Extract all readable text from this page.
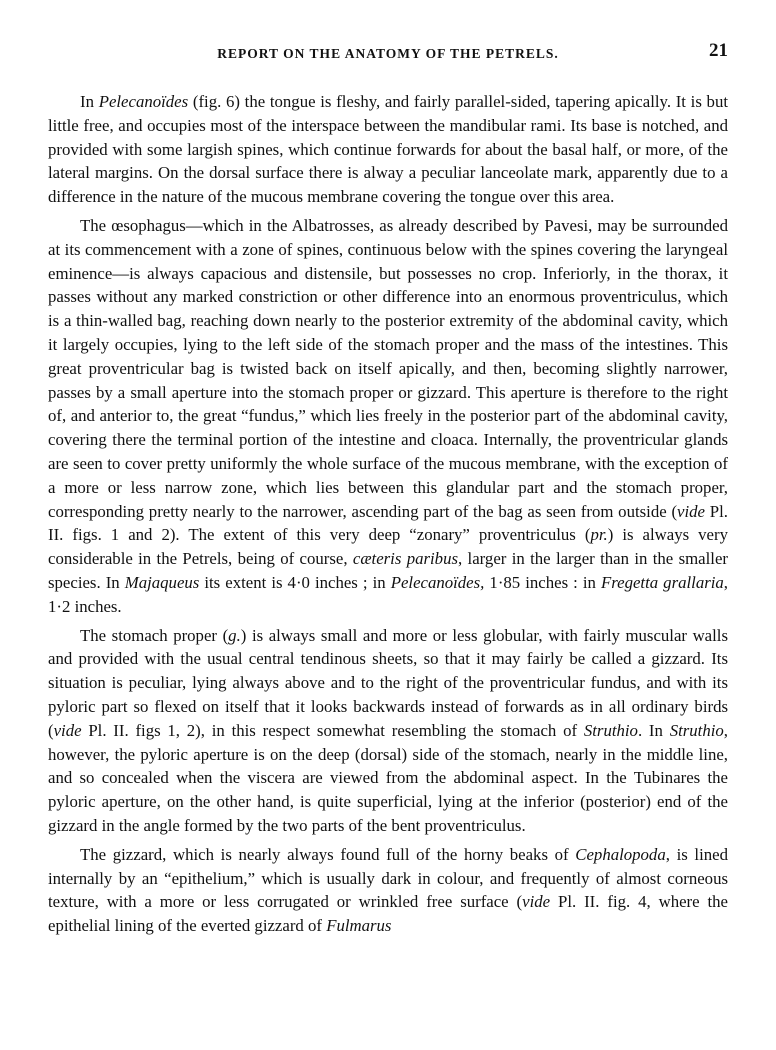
REPORT ON THE ANATOMY OF THE PETRELS.	21

In Pelecanoïdes (fig. 6) the tongue is fleshy, and fairly parallel-sided, tapering apically. It is but little free, and occupies most of the interspace between the mandibular rami. Its base is notched, and provided with some largish spines, which continue forwards for about the basal half, or more, of the lateral margins. On the dorsal surface there is alway a peculiar lanceolate mark, apparently due to a difference in the nature of the mucous membrane covering the tongue over this area.

The œsophagus—which in the Albatrosses, as already described by Pavesi, may be surrounded at its commencement with a zone of spines, continuous below with the spines covering the laryngeal eminence—is always capacious and distensile, but possesses no crop. Inferiorly, in the thorax, it passes without any marked constriction or other difference into an enormous proventriculus, which is a thin-walled bag, reaching down nearly to the posterior extremity of the abdominal cavity, which it largely occupies, lying to the left side of the stomach proper and the mass of the intestines. This great proventricular bag is twisted back on itself apically, and then, becoming slightly narrower, passes by a small aperture into the stomach proper or gizzard. This aperture is therefore to the right of, and anterior to, the great “fundus,” which lies freely in the posterior part of the abdominal cavity, covering there the terminal portion of the intestine and cloaca. Internally, the proventricular glands are seen to cover pretty uniformly the whole surface of the mucous membrane, with the exception of a more or less narrow zone, which lies between this glandular part and the stomach proper, corresponding pretty nearly to the narrower, ascending part of the bag as seen from outside (vide Pl. II. figs. 1 and 2). The extent of this very deep “zonary” proventriculus (pr.) is always very considerable in the Petrels, being of course, cæteris paribus, larger in the larger than in the smaller species. In Majaqueus its extent is 4·0 inches ; in Pelecanoïdes, 1·85 inches : in Fregetta grallaria, 1·2 inches.

The stomach proper (g.) is always small and more or less globular, with fairly muscular walls and provided with the usual central tendinous sheets, so that it may fairly be called a gizzard. Its situation is peculiar, lying always above and to the right of the proventricular fundus, and with its pyloric part so flexed on itself that it looks backwards instead of forwards as in all ordinary birds (vide Pl. II. figs 1, 2), in this respect somewhat resembling the stomach of Struthio. In Struthio, however, the pyloric aperture is on the deep (dorsal) side of the stomach, nearly in the middle line, and so concealed when the viscera are viewed from the abdominal aspect. In the Tubinares the pyloric aperture, on the other hand, is quite superficial, lying at the inferior (posterior) end of the gizzard in the angle formed by the two parts of the bent proventriculus.

The gizzard, which is nearly always found full of the horny beaks of Cephalopoda, is lined internally by an “epithelium,” which is usually dark in colour, and frequently of almost corneous texture, with a more or less corrugated or wrinkled free surface (vide Pl. II. fig. 4, where the epithelial lining of the everted gizzard of Fulmarus
